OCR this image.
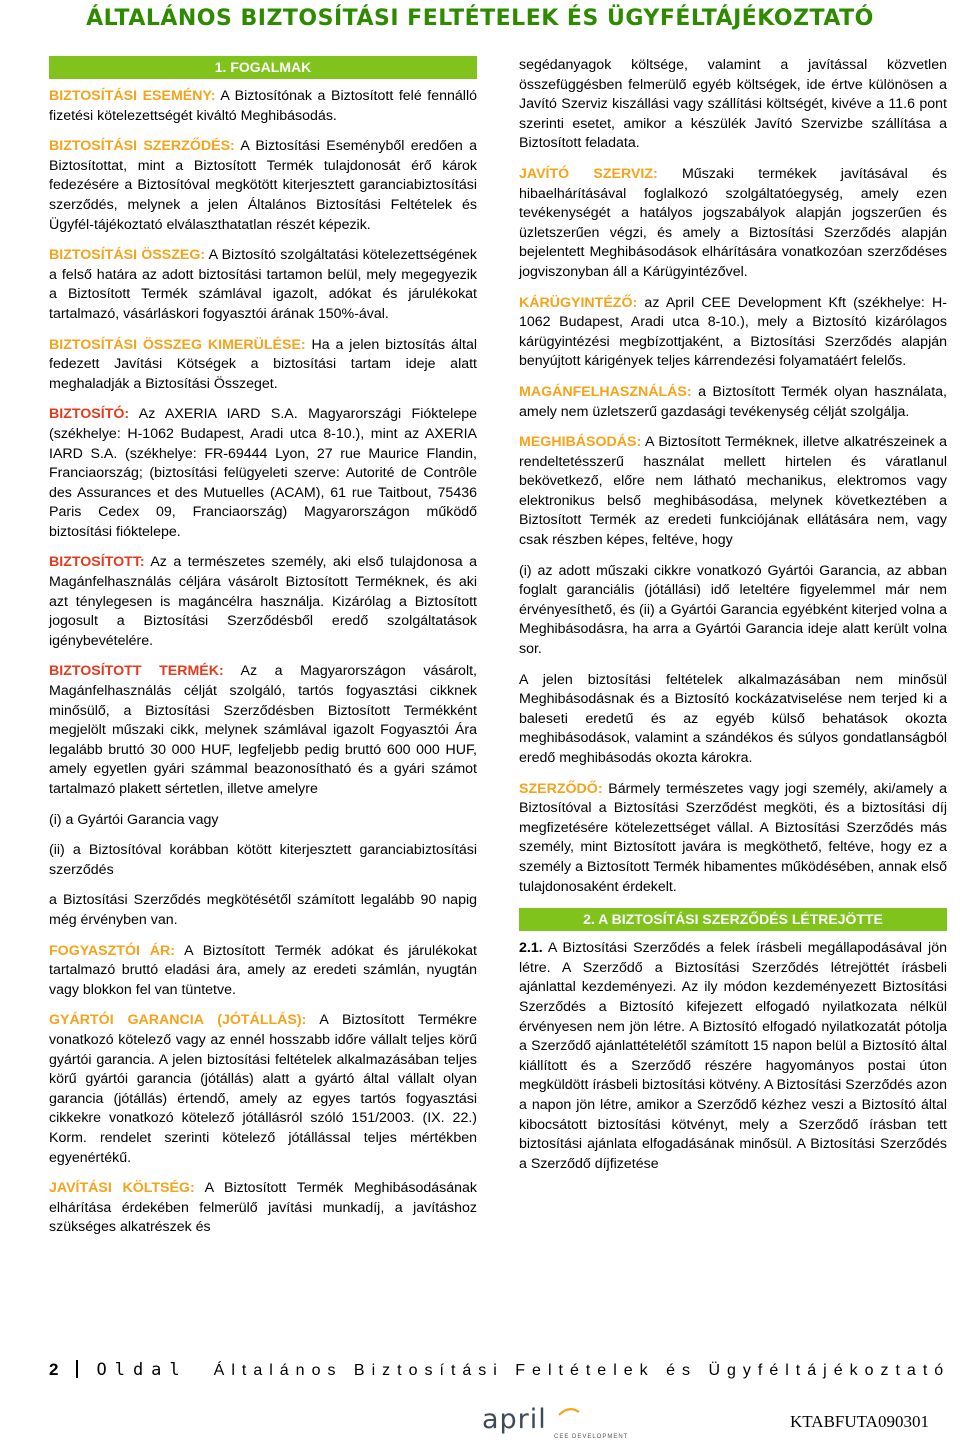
ÁLTALÁNOS BIZTOSÍTÁSI FELTÉTELEK ÉS ÜGYFÉLTÁJÉKOZTATÓ
1. FOGALMAK

BIZTOSÍTÁSI ESEMÉNY: A Biztosítónak a Biztosított felé fennálló fizetési kötelezettségét kiváltó Meghibásodás.

BIZTOSÍTÁSI SZERZŐDÉS: A Biztosítási Eseményből eredően a Biztosítottat, mint a Biztosított Termék tulajdonosát érő károk fedezésére a Biztosítóval megkötött kiterjesztett garanciabiztosítási szerződés, melynek a jelen Általános Biztosítási Feltételek és Ügyfél-tájékoztató elválaszthatatlan részét képezik.

BIZTOSÍTÁSI ÖSSZEG: A Biztosító szolgáltatási kötelezettségének a felső határa az adott biztosítási tartamon belül, mely megegyezik a Biztosított Termék számlával igazolt, adókat és járulékokat tartalmazó, vásárláskori fogyasztói árának 150%-ával.

BIZTOSÍTÁSI ÖSSZEG KIMERÜLÉSE: Ha a jelen biztosítás által fedezett Javítási Kötségek a biztosítási tartam ideje alatt meghaladják a Biztosítási Összeget.

BIZTOSÍTÓ: Az AXERIA IARD S.A. Magyarországi Fióktelepe (székhelye: H-1062 Budapest, Aradi utca 8-10.), mint az AXERIA IARD S.A. (székhelye: FR-69444 Lyon, 27 rue Maurice Flandin, Franciaország; (biztosítási felügyeleti szerve: Autorité de Contrôle des Assurances et des Mutuelles (ACAM), 61 rue Taitbout, 75436 Paris Cedex 09, Franciaország) Magyarországon működő biztosítási fióktelepe.

BIZTOSÍTOTT: Az a természetes személy, aki első tulajdonosa a Magánfelhasználás céljára vásárolt Biztosított Terméknek, és aki azt ténylegesen is magáncélra használja. Kizárólag a Biztosított jogosult a Biztosítási Szerződésből eredő szolgáltatások igénybevételére.

BIZTOSÍTOTT TERMÉK: Az a Magyarországon vásárolt, Magánfelhasználás célját szolgáló, tartós fogyasztási cikknek minősülő, a Biztosítási Szerződésben Biztosított Termékként megjelölt műszaki cikk, melynek számlával igazolt Fogyasztói Ára legalább bruttó 30 000 HUF, legfeljebb pedig bruttó 600 000 HUF, amely egyetlen gyári számmal beazonosítható és a gyári számot tartalmazó plakett sértetlen, illetve amelyre

(i) a Gyártói Garancia vagy

(ii) a Biztosítóval korábban kötött kiterjesztett garanciabiztosítási szerződés

a Biztosítási Szerződés megkötésétől számított legalább 90 napig még érvényben van.

FOGYASZTÓI ÁR: A Biztosított Termék adókat és járulékokat tartalmazó bruttó eladási ára, amely az eredeti számlán, nyugtán vagy blokkon fel van tüntetve.

GYÁRTÓI GARANCIA (JÓTÁLLÁS): A Biztosított Termékre vonatkozó kötelező vagy az ennél hosszabb időre vállalt teljes körű gyártói garancia. A jelen biztosítási feltételek alkalmazásában teljes körű gyártói garancia (jótállás) alatt a gyártó által vállalt olyan garancia (jótállás) értendő, amely az egyes tartós fogyasztási cikkekre vonatkozó kötelező jótállásról szóló 151/2003. (IX. 22.) Korm. rendelet szerinti kötelező jótállással teljes mértékben egyenértékű.

JAVÍTÁSI KÖLTSÉG: A Biztosított Termék Meghibásodásának elhárítása érdekében felmerülő javítási munkadíj, a javításhoz szükséges alkatrészek és

segédanyagok költsége, valamint a javítással közvetlen összefüggésben felmerülő egyéb költségek, ide értve különösen a Javító Szerviz kiszállási vagy szállítási költségét, kivéve a 11.6 pont szerinti esetet, amikor a készülék Javító Szervizbe szállítása a Biztosított feladata.

JAVÍTÓ SZERVIZ: Műszaki termékek javításával és hibaelhárításával foglalkozó szolgáltatóegység, amely ezen tevékenységét a hatályos jogszabályok alapján jogszerűen és üzletszerűen végzi, és amely a Biztosítási Szerződés alapján bejelentett Meghibásodások elhárítására vonatkozóan szerződéses jogviszonyban áll a Kárügyintézővel.

KÁRÜGYINTÉZŐ: az April CEE Development Kft (székhelye: H-1062 Budapest, Aradi utca 8-10.), mely a Biztosító kizárólagos kárügyintézési megbízottjaként, a Biztosítási Szerződés alapján benyújtott kárigények teljes kárrendezési folyamatáért felelős.

MAGÁNFELHASZNÁLÁS: a Biztosított Termék olyan használata, amely nem üzletszerű gazdasági tevékenység célját szolgálja.

MEGHIBÁSODÁS: A Biztosított Terméknek, illetve alkatrészeinek a rendeltetésszerű használat mellett hirtelen és váratlanul bekövetkező, előre nem látható mechanikus, elektromos vagy elektronikus belső meghibásodása, melynek következtében a Biztosított Termék az eredeti funkciójának ellátására nem, vagy csak részben képes, feltéve, hogy

(i) az adott műszaki cikkre vonatkozó Gyártói Garancia, az abban foglalt garanciális (jótállási) idő leteltére figyelemmel már nem érvényesíthető, és (ii) a Gyártói Garancia egyébként kiterjed volna a Meghibásodásra, ha arra a Gyártói Garancia ideje alatt került volna sor.

A jelen biztosítási feltételek alkalmazásában nem minősül Meghibásodásnak és a Biztosító kockázatviselése nem terjed ki a baleseti eredetű és az egyéb külső behatások okozta meghibásodások, valamint a szándékos és súlyos gondatlanságból eredő meghibásodás okozta károkra.

SZERZŐDŐ: Bármely természetes vagy jogi személy, aki/amely a Biztosítóval a Biztosítási Szerződést megköti, és a biztosítási díj megfizetésére kötelezettséget vállal. A Biztosítási Szerződés más személy, mint Biztosított javára is megköthető, feltéve, hogy ez a személy a Biztosított Termék hibamentes működésében, annak első tulajdonosaként érdekelt.

2. A BIZTOSÍTÁSI SZERZŐDÉS LÉTREJÖTTE

2.1. A Biztosítási Szerződés a felek írásbeli megállapodásával jön létre. A Szerződő a Biztosítási Szerződés létrejöttét írásbeli ajánlattal kezdeményezi. Az ily módon kezdeményezett Biztosítási Szerződés a Biztosító kifejezett elfogadó nyilatkozata nélkül érvényesen nem jön létre. A Biztosító elfogadó nyilatkozatát pótolja a Szerződő ajánlattételétől számított 15 napon belül a Biztosító által kiállított és a Szerződő részére hagyományos postai úton megküldött írásbeli biztosítási kötvény. A Biztosítási Szerződés azon a napon jön létre, amikor a Szerződő kézhez veszi a Biztosító által kibocsátott biztosítási kötvényt, mely a Szerződő írásban tett biztosítási ajánlata elfogadásának minősül. A Biztosítási Szerződés a Szerződő díjfizetése

2 Oldal Általános Biztosítási Feltételek és Ügyféltájékoztató
april
CEE DEVELOPMENT
KTABFUTA090301
